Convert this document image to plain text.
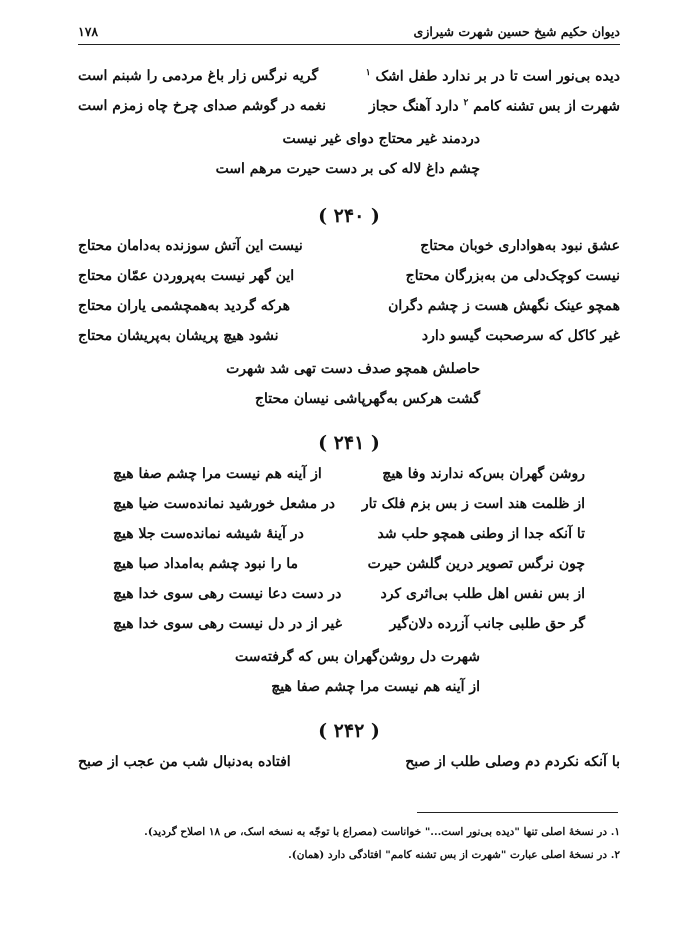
دیوان حکیم شیخ حسین شهرت شیرازی
۱۷۸
دیده بی‌نور است تا در بر ندارد طفل اشک $^۱$
گریه نرگس زار باغ مردمی را شبنم است
شهرت از بس تشنه کامم $^۲$ دارد آهنگ حجاز
نغمه در گوشم صدای چرخ چاه زمزم است
دردمند غیر محتاج دوای غیر نیست
چشم داغ لاله کی بر دست حیرت مرهم است
( ۲۴۰ )
عشق نبود به‌هواداری خوبان محتاج
نیست این آتش سوزنده به‌دامان محتاج
نیست کوچک‌دلی من به‌بزرگان محتاج
این گهر نیست به‌پروردن عمّان محتاج
همچو عینک نگهش هست ز چشم دگران
هرکه گردید به‌همچشمی یاران محتاج
غیر کاکل که سرصحبت گیسو دارد
نشود هیچ پریشان به‌پریشان محتاج
حاصلش همچو صدف دست تهی شد شهرت
گشت هرکس به‌گهرپاشی نیسان محتاج
( ۲۴۱ )
روشن گهران بس‌که ندارند وفا هیچ
از آینه هم نیست مرا چشم صفا هیچ
از ظلمت هند است ز بس بزم فلک تار
در مشعل خورشید نمانده‌ست ضیا هیچ
تا آنکه جدا از وطنی همچو حلب شد
در آینهٔ شیشه نمانده‌ست جلا هیچ
چون نرگس تصویر درین گلشن حیرت
ما را نبود چشم به‌امداد صبا هیچ
از بس نفس اهل طلب بی‌اثری کرد
در دست دعا نیست رهی سوی خدا هیچ
گر حق طلبی جانب آزرده دلان‌گیر
غیر از در دل نیست رهی سوی خدا هیچ
شهرت دل روشن‌گهران بس که گرفته‌ست
از آینه هم نیست مرا چشم صفا هیچ
( ۲۴۲ )
با آنکه نکردم دم وصلی طلب از صبح
افتاده به‌دنبال شب من عجب از صبح
۱. در نسخهٔ اصلی تنها "دیده بی‌نور است..." خواناست (مصراع با توجّه به نسخه اسک، ص ۱۸ اصلاح گردید).
۲. در نسخهٔ اصلی عبارت "شهرت از بس تشنه کامم" افتادگی دارد (همان).
